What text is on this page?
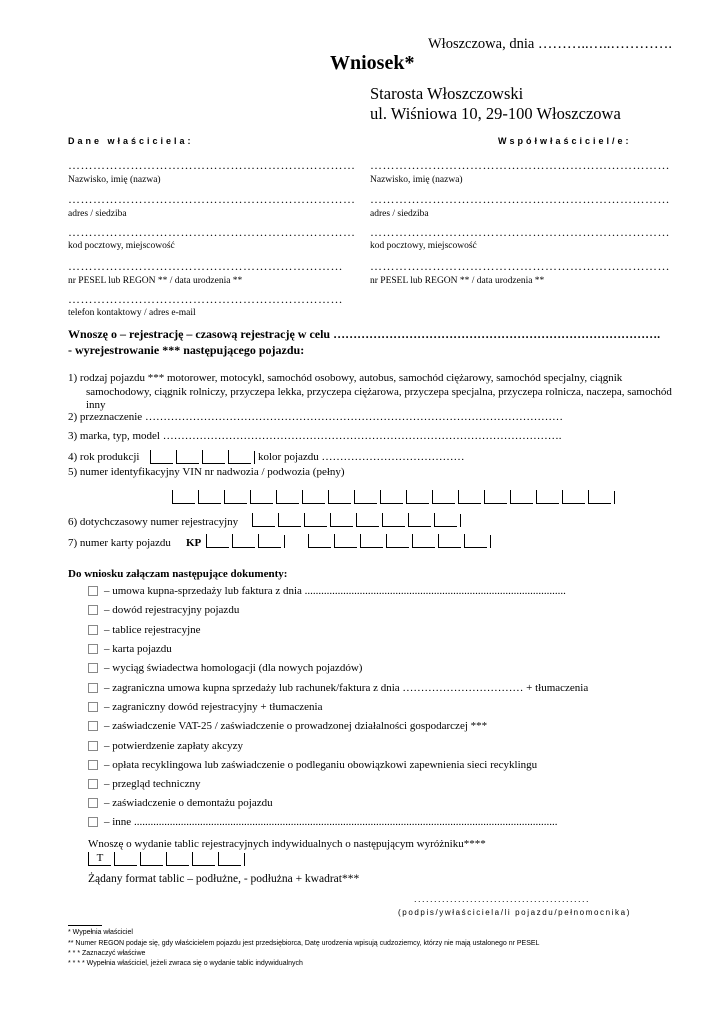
Włoszczowa, dnia ………..…..………….
Wniosek*
Starosta Włoszczowski
ul. Wiśniowa 10, 29-100 Włoszczowa
Dane właściciela:	Współwłaściciel/e:
……………………………………………………………
Nazwisko, imię (nazwa)
……………………………………………………………
adres / siedziba
……………………………………………………………
kod pocztowy, miejscowość
…………………………………………………………
nr PESEL lub REGON ** / data urodzenia **
…………………………………………………………
telefon kontaktowy / adres e-mail
………………………………………………………………
Nazwisko, imię (nazwa)
………………………………………………………………
adres / siedziba
………………………………………………………………
kod pocztowy, miejscowość
………………………………………………………………
nr PESEL lub REGON ** / data urodzenia **
Wnoszę o – rejestrację – czasową rejestrację w celu ……………………………………………………………………….
- wyrejestrowanie *** następującego pojazdu:
1) rodzaj pojazdu *** motorower, motocykl, samochód osobowy, autobus, samochód ciężarowy, samochód specjalny, ciągnik
samochodowy, ciągnik rolniczy, przyczepa lekka, przyczepa ciężarowa, przyczepa specjalna, przyczepa rolnicza, naczepa, samochód
inny
2) przeznaczenie ……………………………………………………………………………………………………
3) marka, typ, model ……………………………………………………………………………………………….
4) rok produkcji	kolor pojazdu …………………………………
5) numer identyfikacyjny VIN nr nadwozia / podwozia (pełny)
6) dotychczasowy numer rejestracyjny
7) numer karty pojazdu KP
Do wniosku załączam następujące dokumenty:
– umowa kupna-sprzedaży lub faktura z dnia ...............................................................................................
– dowód rejestracyjny pojazdu
– tablice rejestracyjne
– karta pojazdu
– wyciąg świadectwa homologacji (dla nowych pojazdów)
– zagraniczna umowa kupna sprzedaży lub rachunek/faktura z dnia …………………………… + tłumaczenia
– zagraniczny dowód rejestracyjny + tłumaczenia
– zaświadczenie VAT-25 / zaświadczenie o prowadzonej działalności gospodarczej ***
– potwierdzenie zapłaty akcyzy
– opłata recyklingowa lub zaświadczenie o podleganiu obowiązkowi zapewnienia sieci recyklingu
– przegląd techniczny
– zaświadczenie o demontażu pojazdu
– inne ..........................................................................................................................................................
Wnoszę o wydanie tablic rejestracyjnych indywidualnych o następującym wyróżniku****
T
Żądany format tablic – podłużne, - podłużna + kwadrat***
............................................
(podpis/ywłaściciela/li pojazdu/pełnomocnika)
* Wypełnia właściciel
** Numer REGON podaje się, gdy właścicielem pojazdu jest przedsiębiorca, Datę urodzenia wpisują cudzoziemcy, którzy nie mają ustalonego nr PESEL
* * * Zaznaczyć właściwe
* * * * Wypełnia właściciel, jeżeli zwraca się o wydanie tablic indywidualnych
